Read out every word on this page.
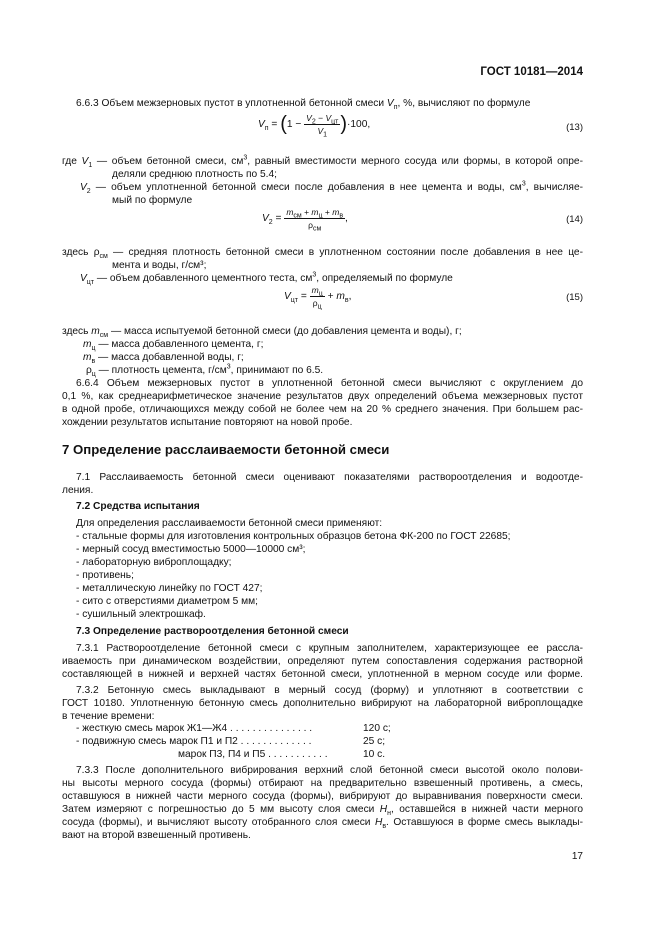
ГОСТ 10181—2014
6.6.3 Объем межзерновых пустот в уплотненной бетонной смеси $V_п$, %, вычисляют по формуле
$V_п = (1 - \frac{V_2 - V_{цт}}{V_1} )\cdot 100$,	(13)
где $V_1$ — объем бетонной смеси, $см^3$, равный вместимости мерного сосуда или формы, в которой опре-
деляли среднюю плотность по 5.4;
$V_2$ — объем уплотненной бетонной смеси после добавления в нее цемента и воды, $см^3$, вычисляе-
мый по формуле
$V_2 = \frac{m_{см} + m_ц + m_в}{\rho_{см}}$ ,	(14)
здесь $\rho_{см}$ — средняя плотность бетонной смеси в уплотненном состоянии после добавления в нее це-
мента и воды, г/см³;
$V_{цт}$ — объем добавленного цементного теста, $см^3$, определяемый по формуле
$V_{цт} = \frac{m_ц}{\rho_ц} + m_в$,	(15)
здесь $m_{см}$ — масса испытуемой бетонной смеси (до добавления цемента и воды), г;
$m_ц$ — масса добавленного цемента, г;
$m_в$ — масса добавленной воды, г;
$\rho_ц$ — плотность цемента, $г/см^3$, принимают по 6.5.
6.6.4 Объем межзерновых пустот в уплотненной бетонной смеси вычисляют с округлением до
0,1 %, как среднеарифметическое значение результатов двух определений объема межзерновых пустот
в одной пробе, отличающихся между собой не более чем на 20 % среднего значения. При большем рас-
хождении результатов испытание повторяют на новой пробе.
7 Определение расслаиваемости бетонной смеси
7.1 Расслаиваемость бетонной смеси оценивают показателями раствороотделения и водоотде-
ления.
7.2 Средства испытания
Для определения расслаиваемости бетонной смеси применяют:
- стальные формы для изготовления контрольных образцов бетона ФК-200 по ГОСТ 22685;
- мерный сосуд вместимостью 5000—10000 см³;
- лабораторную виброплощадку;
- противень;
- металлическую линейку по ГОСТ 427;
- сито с отверстиями диаметром 5 мм;
- сушильный электрошкаф.
7.3 Определение раствороотделения бетонной смеси
7.3.1 Раствороотделение бетонной смеси с крупным заполнителем, характеризующее ее рассла-
иваемость при динамическом воздействии, определяют путем сопоставления содержания растворной
составляющей в нижней и верхней частях бетонной смеси, уплотненной в мерном сосуде или форме.
7.3.2 Бетонную смесь выкладывают в мерный сосуд (форму) и уплотняют в соответствии с
ГОСТ 10180. Уплотненную бетонную смесь дополнительно вибрируют на лабораторной виброплощадке
в течение времени:
- жесткую смесь марок Ж1—Ж4 . . . . . . . . . . . . . . .	120 с;
- подвижную смесь марок П1 и П2 . . . . . . . . . . . . .	25 с;
марок П3, П4 и П5 . . . . . . . . . . .	10 с.
7.3.3 После дополнительного вибрирования верхний слой бетонной смеси высотой около полови-
ны высоты мерного сосуда (формы) отбирают на предварительно взвешенный противень, а смесь,
оставшуюся в нижней части мерного сосуда (формы), вибрируют до выравнивания поверхности смеси.
Затем измеряют с погрешностью до 5 мм высоту слоя смеси $H_н$, оставшейся в нижней части мерного
сосуда (формы), и вычисляют высоту отобранного слоя смеси $H_в$. Оставшуюся в форме смесь выклады-
вают на второй взвешенный противень.
17
